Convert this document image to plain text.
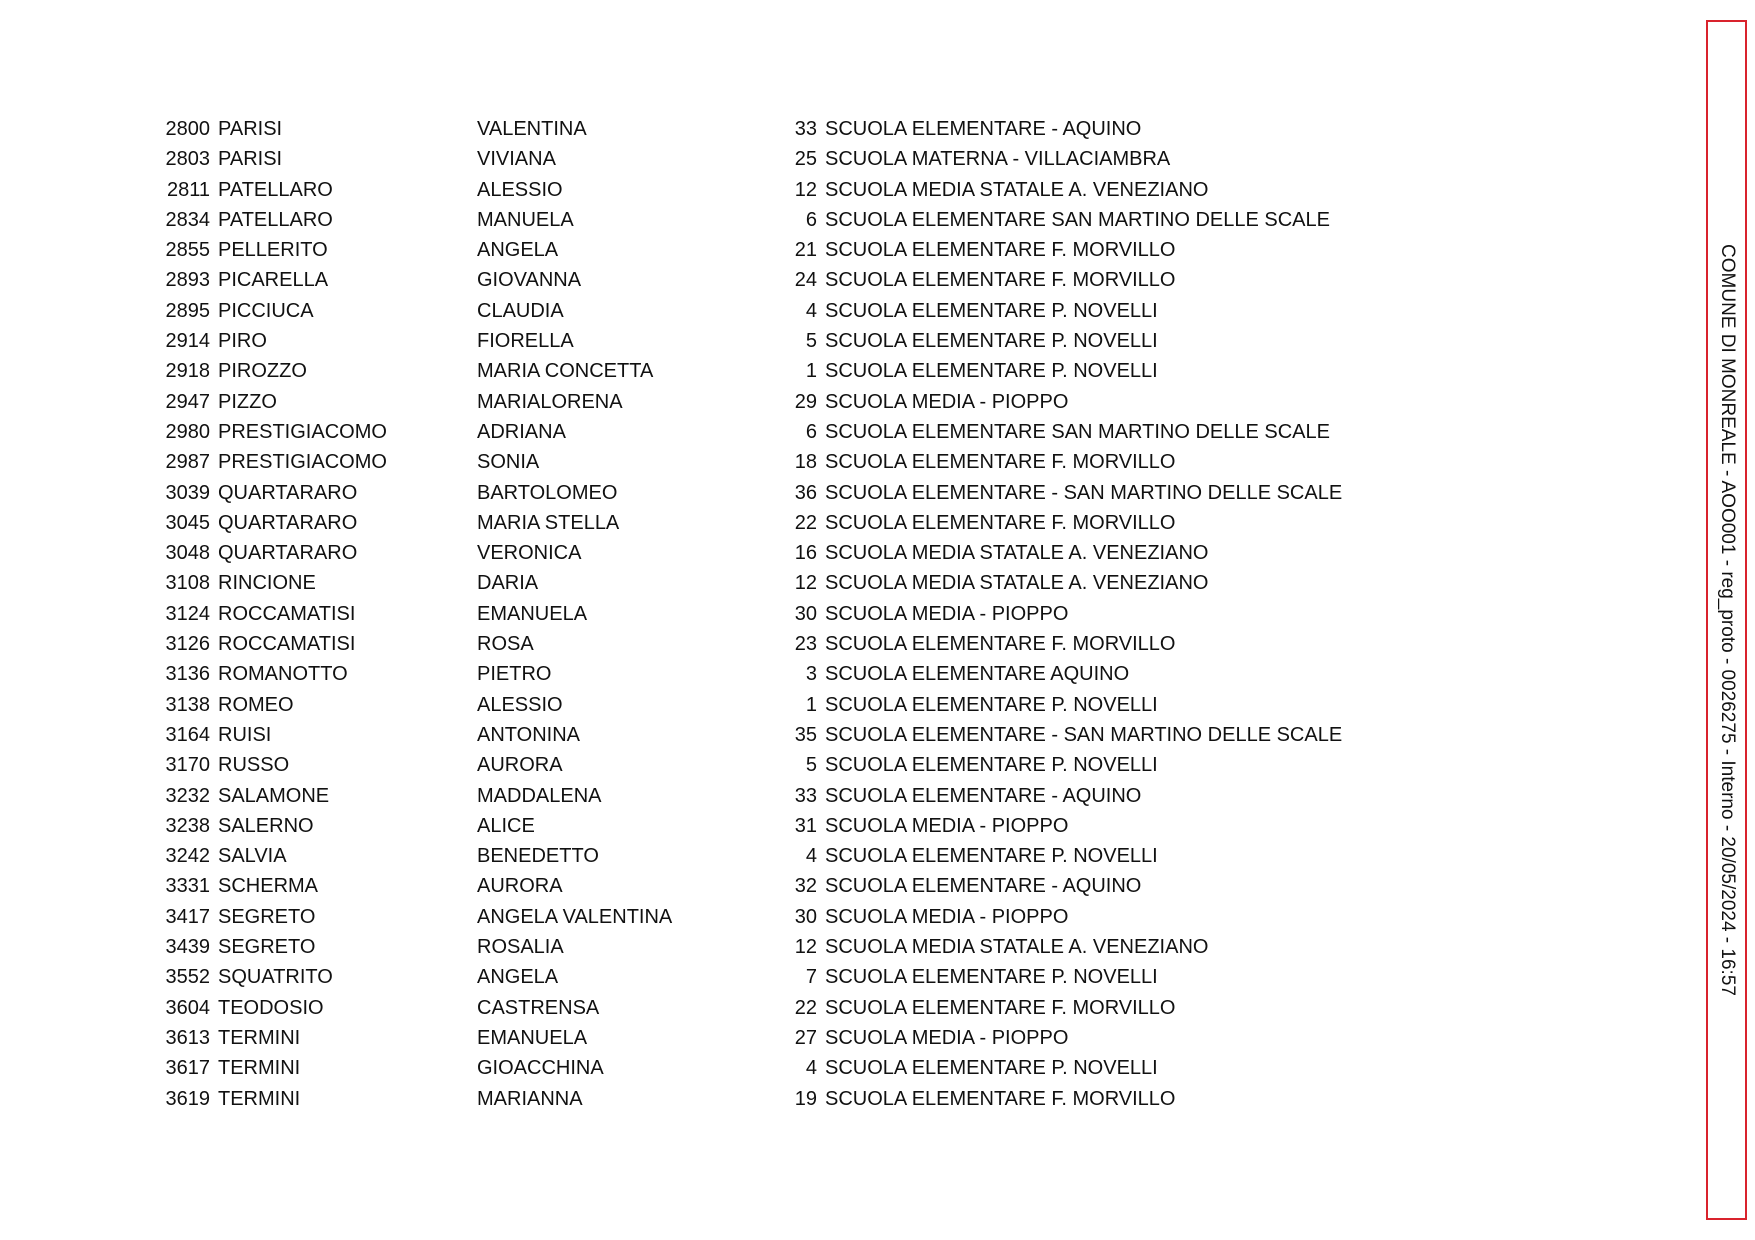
2800 PARISI	VALENTINA	33 SCUOLA ELEMENTARE - AQUINO
2803 PARISI	VIVIANA	25 SCUOLA MATERNA - VILLACIAMBRA
2811 PATELLARO	ALESSIO	12 SCUOLA MEDIA STATALE A. VENEZIANO
2834 PATELLARO	MANUELA	6 SCUOLA ELEMENTARE SAN MARTINO DELLE SCALE
2855 PELLERITO	ANGELA	21 SCUOLA ELEMENTARE F. MORVILLO
2893 PICARELLA	GIOVANNA	24 SCUOLA ELEMENTARE F. MORVILLO
2895 PICCIUCA	CLAUDIA	4 SCUOLA ELEMENTARE P. NOVELLI
2914 PIRO	FIORELLA	5 SCUOLA ELEMENTARE P. NOVELLI
2918 PIROZZO	MARIA CONCETTA	1 SCUOLA ELEMENTARE P. NOVELLI
2947 PIZZO	MARIALORENA	29 SCUOLA MEDIA - PIOPPO
2980 PRESTIGIACOMO	ADRIANA	6 SCUOLA ELEMENTARE SAN MARTINO DELLE SCALE
2987 PRESTIGIACOMO	SONIA	18 SCUOLA ELEMENTARE F. MORVILLO
3039 QUARTARARO	BARTOLOMEO	36 SCUOLA ELEMENTARE - SAN MARTINO DELLE SCALE
3045 QUARTARARO	MARIA STELLA	22 SCUOLA ELEMENTARE F. MORVILLO
3048 QUARTARARO	VERONICA	16 SCUOLA MEDIA STATALE A. VENEZIANO
3108 RINCIONE	DARIA	12 SCUOLA MEDIA STATALE A. VENEZIANO
3124 ROCCAMATISI	EMANUELA	30 SCUOLA MEDIA - PIOPPO
3126 ROCCAMATISI	ROSA	23 SCUOLA ELEMENTARE F. MORVILLO
3136 ROMANOTTO	PIETRO	3 SCUOLA ELEMENTARE AQUINO
3138 ROMEO	ALESSIO	1 SCUOLA ELEMENTARE P. NOVELLI
3164 RUISI	ANTONINA	35 SCUOLA ELEMENTARE - SAN MARTINO DELLE SCALE
3170 RUSSO	AURORA	5 SCUOLA ELEMENTARE P. NOVELLI
3232 SALAMONE	MADDALENA	33 SCUOLA ELEMENTARE - AQUINO
3238 SALERNO	ALICE	31 SCUOLA MEDIA - PIOPPO
3242 SALVIA	BENEDETTO	4 SCUOLA ELEMENTARE P. NOVELLI
3331 SCHERMA	AURORA	32 SCUOLA ELEMENTARE - AQUINO
3417 SEGRETO	ANGELA VALENTINA	30 SCUOLA MEDIA - PIOPPO
3439 SEGRETO	ROSALIA	12 SCUOLA MEDIA STATALE A. VENEZIANO
3552 SQUATRITO	ANGELA	7 SCUOLA ELEMENTARE P. NOVELLI
3604 TEODOSIO	CASTRENSA	22 SCUOLA ELEMENTARE F. MORVILLO
3613 TERMINI	EMANUELA	27 SCUOLA MEDIA - PIOPPO
3617 TERMINI	GIOACCHINA	4 SCUOLA ELEMENTARE P. NOVELLI
3619 TERMINI	MARIANNA	19 SCUOLA ELEMENTARE F. MORVILLO
COMUNE DI MONREALE - AOO001 - reg_proto - 0026275 - Interno - 20/05/2024 - 16:57
